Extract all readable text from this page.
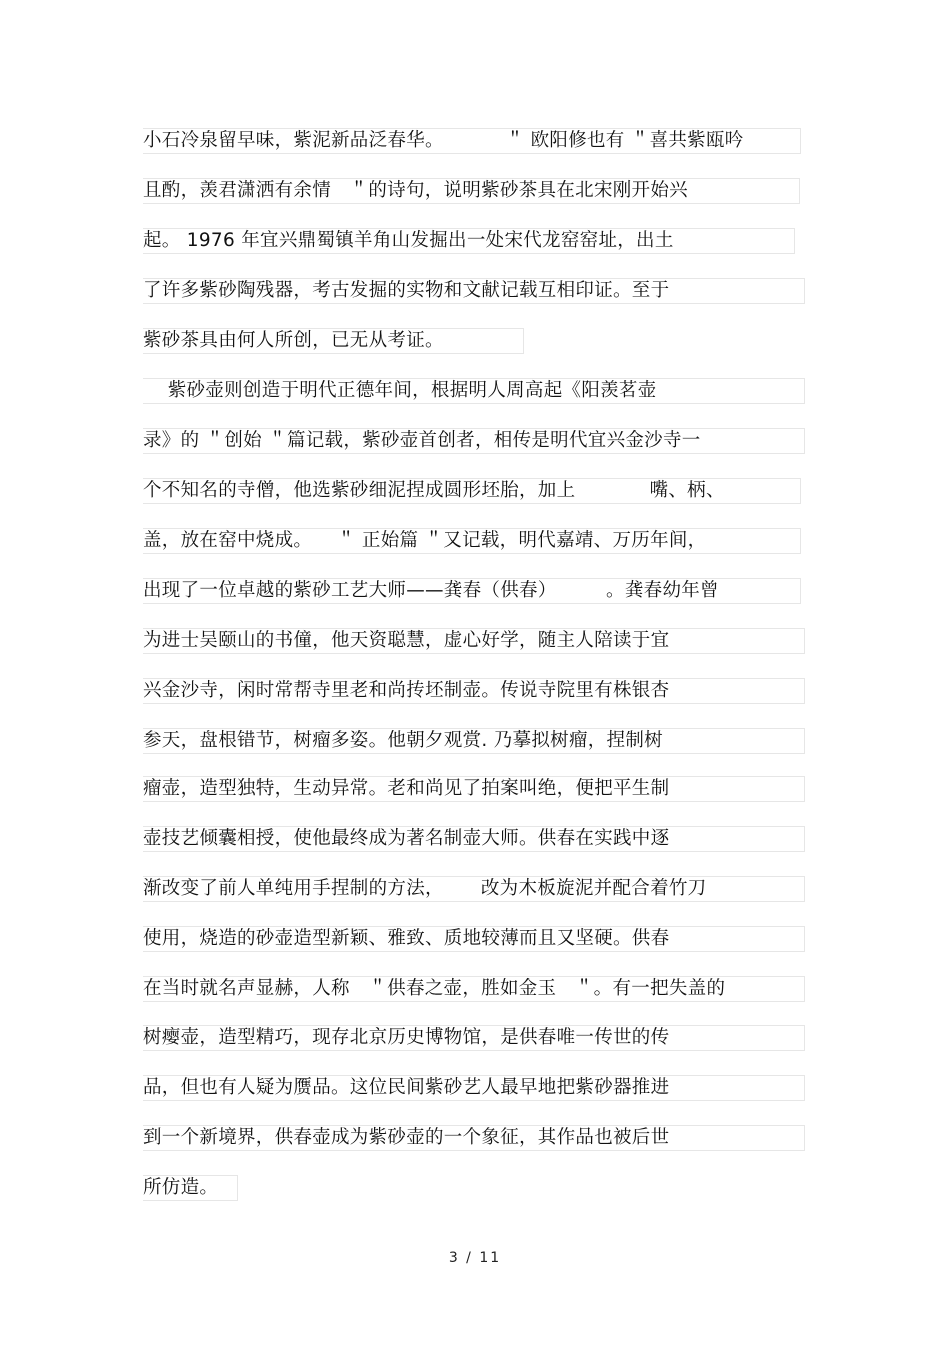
小石冷泉留早味，紫泥新品泛春华。          ＂ 欧阳修也有 ＂喜共紫瓯吟
且酌，羡君潇洒有余情   ＂的诗句，说明紫砂茶具在北宋刚开始兴
起。 1976 年宜兴鼎蜀镇羊角山发掘出一处宋代龙窑窑址，出土
了许多紫砂陶残器，考古发掘的实物和文献记载互相印证。至于
紫砂茶具由何人所创，已无从考证。
紫砂壶则创造于明代正德年间，根据明人周高起《阳羡茗壶
录》的 ＂创始 ＂篇记载，紫砂壶首创者，相传是明代宜兴金沙寺一
个不知名的寺僧，他选紫砂细泥捏成圆形坯胎，加上            嘴、柄、
盖，放在窑中烧成。    ＂ 正始篇 ＂又记载，明代嘉靖、万历年间，
出现了一位卓越的紫砂工艺大师——龚春（供春）        。龚春幼年曾
为进士吴颐山的书僮，他天资聪慧，虚心好学，随主人陪读于宜
兴金沙寺，闲时常帮寺里老和尚抟坯制壶。传说寺院里有株银杏
参天，盘根错节，树瘤多姿。他朝夕观赏. 乃摹拟树瘤，捏制树
瘤壶，造型独特，生动异常。老和尚见了拍案叫绝，便把平生制
壶技艺倾囊相授，使他最终成为著名制壶大师。供春在实践中逐
渐改变了前人单纯用手捏制的方法，      改为木板旋泥并配合着竹刀
使用，烧造的砂壶造型新颖、雅致、质地较薄而且又坚硬。供春
在当时就名声显赫，人称   ＂供春之壶，胜如金玉   ＂。有一把失盖的
树瘿壶，造型精巧，现存北京历史博物馆，是供春唯一传世的传
品，但也有人疑为赝品。这位民间紫砂艺人最早地把紫砂器推进
到一个新境界，供春壶成为紫砂壶的一个象征，其作品也被后世
所仿造。
3 / 11
